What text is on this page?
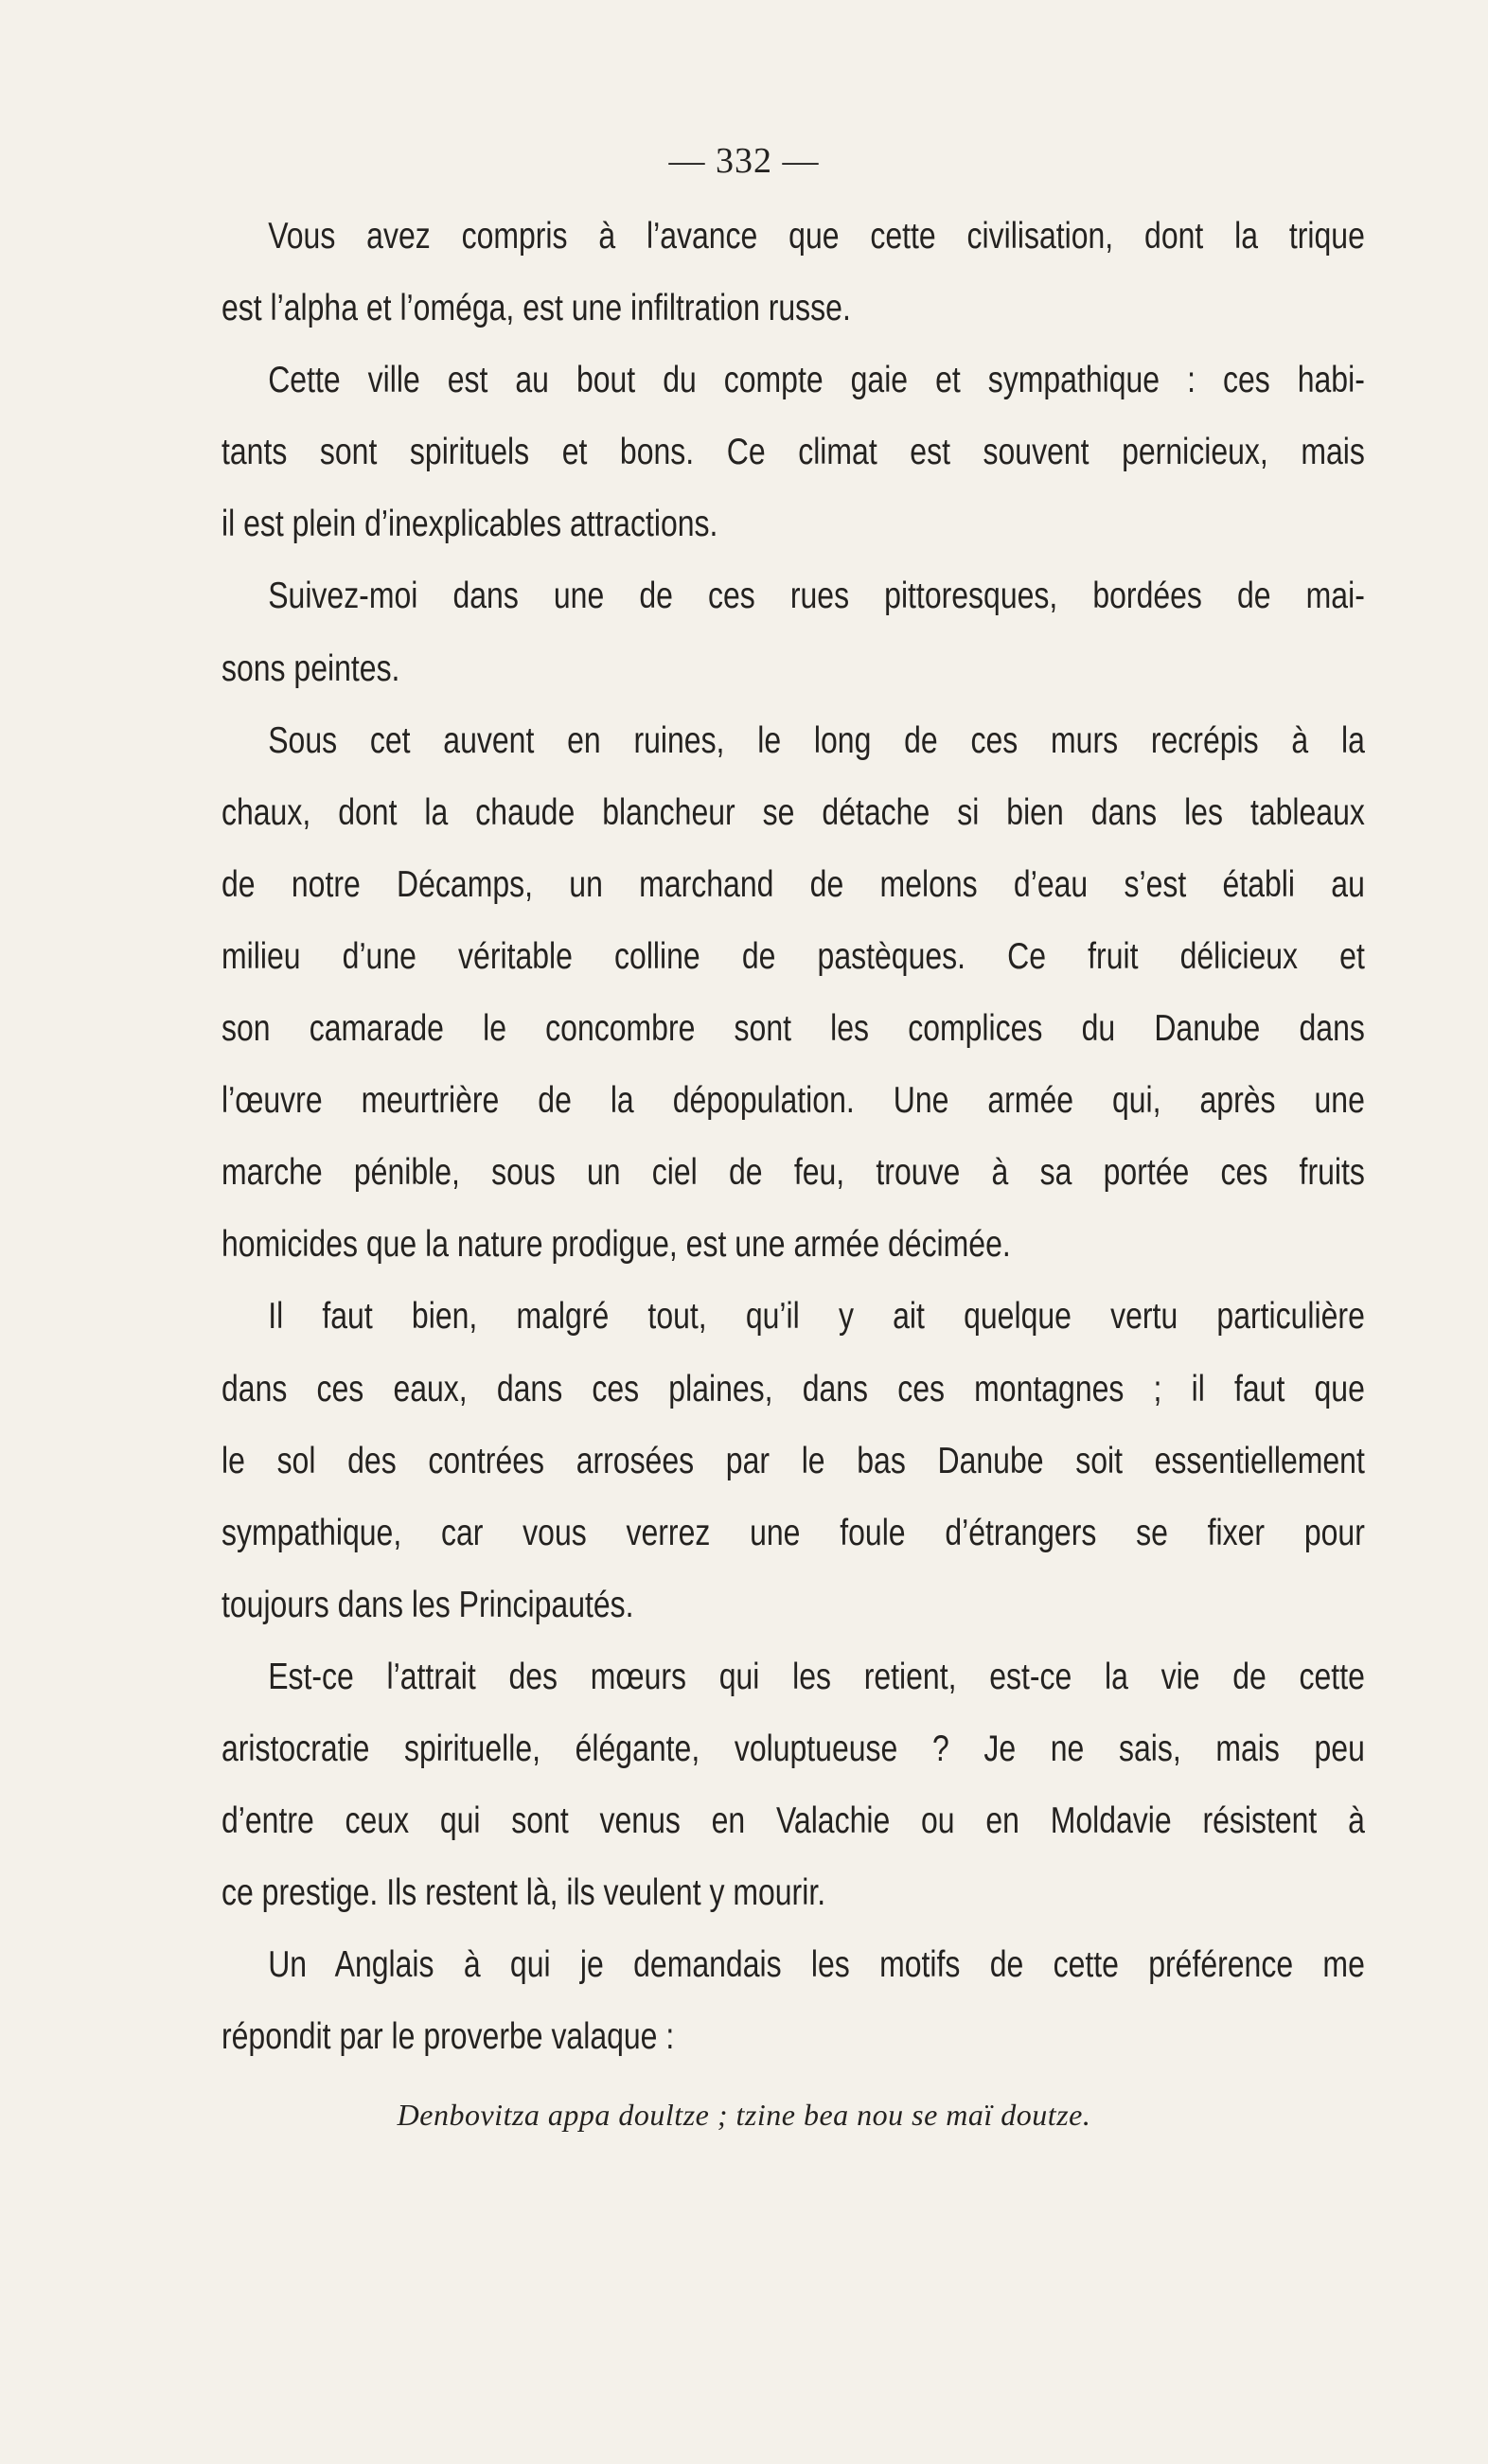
— 332 —
Vous avez compris à l’avance que cette civilisation, dont la trique
est l’alpha et l’oméga, est une infiltration russe.
Cette ville est au bout du compte gaie et sympathique : ces habi-
tants sont spirituels et bons. Ce climat est souvent pernicieux, mais
il est plein d’inexplicables attractions.
Suivez-moi dans une de ces rues pittoresques, bordées de mai-
sons peintes.
Sous cet auvent en ruines, le long de ces murs recrépis à la
chaux, dont la chaude blancheur se détache si bien dans les tableaux
de notre Décamps, un marchand de melons d’eau s’est établi au
milieu d’une véritable colline de pastèques. Ce fruit délicieux et
son camarade le concombre sont les complices du Danube dans
l’œuvre meurtrière de la dépopulation. Une armée qui, après une
marche pénible, sous un ciel de feu, trouve à sa portée ces fruits
homicides que la nature prodigue, est une armée décimée.
Il faut bien, malgré tout, qu’il y ait quelque vertu particulière
dans ces eaux, dans ces plaines, dans ces montagnes ; il faut que
le sol des contrées arrosées par le bas Danube soit essentiellement
sympathique, car vous verrez une foule d’étrangers se fixer pour
toujours dans les Principautés.
Est-ce l’attrait des mœurs qui les retient, est-ce la vie de cette
aristocratie spirituelle, élégante, voluptueuse ? Je ne sais, mais peu
d’entre ceux qui sont venus en Valachie ou en Moldavie résistent à
ce prestige. Ils restent là, ils veulent y mourir.
Un Anglais à qui je demandais les motifs de cette préférence me
répondit par le proverbe valaque :
Denbovitza appa doultze ; tzine bea nou se maï doutze.
